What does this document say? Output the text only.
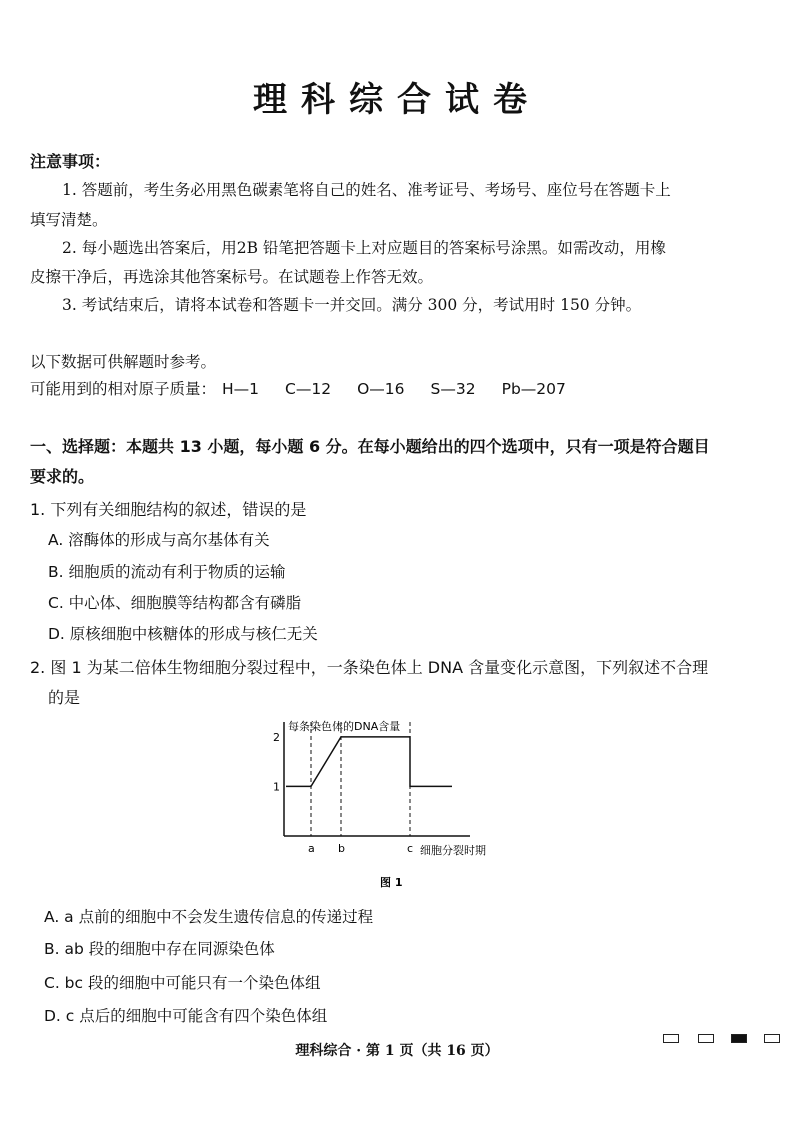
理科综合试卷
注意事项：
1. 答题前，考生务必用黑色碳素笔将自己的姓名、准考证号、考场号、座位号在答题卡上
填写清楚。
2. 每小题选出答案后，用2B 铅笔把答题卡上对应题目的答案标号涂黑。如需改动，用橡
皮擦干净后，再选涂其他答案标号。在试题卷上作答无效。
3. 考试结束后，请将本试卷和答题卡一并交回。满分 300 分，考试用时 150 分钟。
以下数据可供解题时参考。
可能用到的相对原子质量： H—1 C—12 O—16 S—32 Pb—207
一、选择题：本题共 13 小题，每小题 6 分。在每小题给出的四个选项中，只有一项是符合题目
要求的。
1. 下列有关细胞结构的叙述，错误的是
A. 溶酶体的形成与高尔基体有关
B. 细胞质的流动有利于物质的运输
C. 中心体、细胞膜等结构都含有磷脂
D. 原核细胞中核糖体的形成与核仁无关
2. 图 1 为某二倍体生物细胞分裂过程中，一条染色体上 DNA 含量变化示意图，下列叙述不合理
的是
每条染色体的DNA含量
1
2
a b	c 细胞分裂时期
图 1
A. a 点前的细胞中不会发生遗传信息的传递过程
B. ab 段的细胞中存在同源染色体
C. bc 段的细胞中可能只有一个染色体组
D. c 点后的细胞中可能含有四个染色体组
理科综合 · 第 1 页（共 16 页）
